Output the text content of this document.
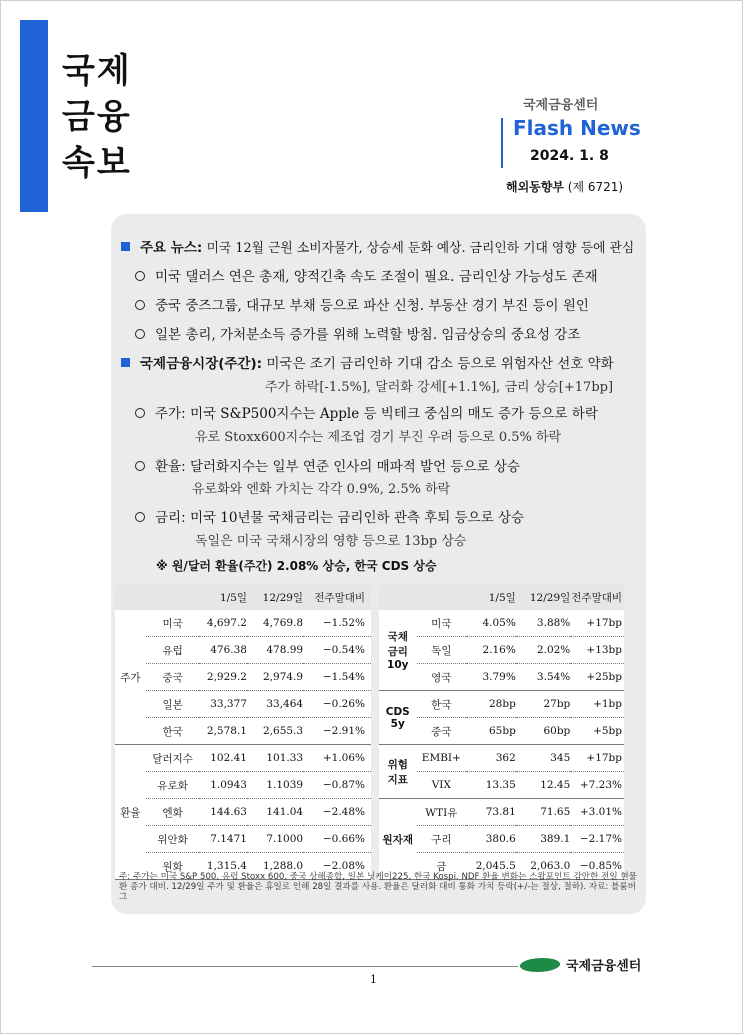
국제
금융
속보
국제금융센터
Flash News
2024. 1. 8
해외동향부 (제 6721)
주요 뉴스: 미국 12월 근원 소비자물가, 상승세 둔화 예상. 금리인하 기대 영향 등에 관심
미국 댈러스 연은 총재, 양적긴축 속도 조절이 필요. 금리인상 가능성도 존재
중국 중즈그룹, 대규모 부채 등으로 파산 신청. 부동산 경기 부진 등이 원인
일본 총리, 가처분소득 증가를 위해 노력할 방침. 임금상승의 중요성 강조
국제금융시장(주간): 미국은 조기 금리인하 기대 감소 등으로 위험자산 선호 약화
주가 하락[-1.5%], 달러화 강세[+1.1%], 금리 상승[+17bp]
주가: 미국 S&P500지수는 Apple 등 빅테크 중심의 매도 증가 등으로 하락
유로 Stoxx600지수는 제조업 경기 부진 우려 등으로 0.5% 하락
환율: 달러화지수는 일부 연준 인사의 매파적 발언 등으로 상승
유로화와 엔화 가치는 각각 0.9%, 2.5% 하락
금리: 미국 10년물 국채금리는 금리인하 관측 후퇴 등으로 상승
독일은 미국 국채시장의 영향 등으로 13bp 상승
※ 원/달러 환율(주간) 2.08% 상승, 한국 CDS 상승
		1/5일	12/29일	전주말대비
주가	미국	4,697.2	4,769.8	−1.52%
	유럽	476.38	478.99	−0.54%
	중국	2,929.2	2,974.9	−1.54%
	일본	33,377	33,464	−0.26%
	한국	2,578.1	2,655.3	−2.91%
환율	달러지수	102.41	101.33	+1.06%
	유로화	1.0943	1.1039	−0.87%
	엔화	144.63	141.04	−2.48%
	위안화	7.1471	7.1000	−0.66%
	원화	1,315.4	1,288.0	−2.08%
		1/5일	12/29일	전주말대비
국채
금리
10y	미국	4.05%	3.88%	+17bp
	독일	2.16%	2.02%	+13bp
	영국	3.79%	3.54%	+25bp
CDS
5y	한국	28bp	27bp	+1bp
	중국	65bp	60bp	+5bp
위험
지표	EMBI+	362	345	+17bp
	VIX	13.35	12.45	+7.23%
원자재	WTI유	73.81	71.65	+3.01%
	구리	380.6	389.1	−2.17%
	금	2,045.5	2,063.0	−0.85%
주: 주가는 미국 S&P 500, 유럽 Stoxx 600, 중국 상해종합, 일본 닛케이225, 한국 Kospi. NDF 환율 변화는 스왑포인트 감안한 전일 현물환 종가 대비. 12/29일 주가 및 환율은 휴일로 인해 28일 결과를 사용. 환율은 달러화 대비 통화 가치 등락(+/-는 절상, 절하). 자료: 블룸버그
1
국제금융센터
